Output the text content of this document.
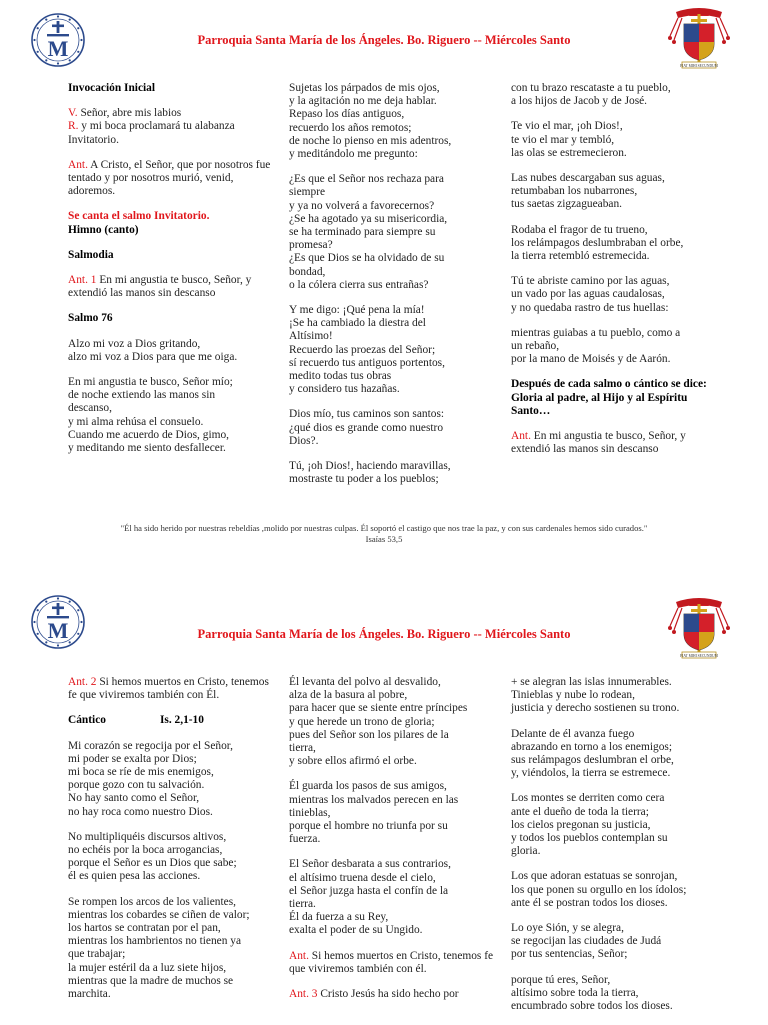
M	Parroquia Santa María de los Ángeles. Bo. Riguero -- Miércoles Santo
FIAT MIHI SECUNDUM

Invocación Inicial

V. Señor, abre mis labios
R. y mi boca proclamará tu alabanza
Invitatorio.

Ant. A Cristo, el Señor, que por nosotros fue tentado y por nosotros murió, venid, adoremos.

Se canta el salmo Invitatorio.
Himno (canto)

Salmodia

Ant. 1 En mi angustia te busco, Señor, y extendió las manos sin descanso

Salmo 76

Alzo mi voz a Dios gritando,
alzo mi voz a Dios para que me oiga.

En mi angustia te busco, Señor mío;
de noche extiendo las manos sin
descanso,
y mi alma rehúsa el consuelo.
Cuando me acuerdo de Dios, gimo,
y meditando me siento desfallecer.

Sujetas los párpados de mis ojos,
y la agitación no me deja hablar.
Repaso los días antiguos,
recuerdo los años remotos;
de noche lo pienso en mis adentros,
y meditándolo me pregunto:

¿Es que el Señor nos rechaza para
siempre
y ya no volverá a favorecernos?
¿Se ha agotado ya su misericordia,
se ha terminado para siempre su
promesa?
¿Es que Dios se ha olvidado de su
bondad,
o la cólera cierra sus entrañas?

Y me digo: ¡Qué pena la mía!
¡Se ha cambiado la diestra del
Altísimo!
Recuerdo las proezas del Señor;
sí recuerdo tus antiguos portentos,
medito todas tus obras
y considero tus hazañas.

Dios mío, tus caminos son santos:
¿qué dios es grande como nuestro
Dios?.

Tú, ¡oh Dios!, haciendo maravillas,
mostraste tu poder a los pueblos;

con tu brazo rescataste a tu pueblo,
a los hijos de Jacob y de José.

Te vio el mar, ¡oh Dios!,
te vio el mar y tembló,
las olas se estremecieron.

Las nubes descargaban sus aguas,
retumbaban los nubarrones,
tus saetas zigzagueaban.

Rodaba el fragor de tu trueno,
los relámpagos deslumbraban el orbe,
la tierra retembló estremecida.

Tú te abriste camino por las aguas,
un vado por las aguas caudalosas,
y no quedaba rastro de tus huellas:

mientras guiabas a tu pueblo, como a
un rebaño,
por la mano de Moisés y de Aarón.

Después de cada salmo o cántico se dice: Gloria al padre, al Hijo y al Espíritu Santo…

Ant. En mi angustia te busco, Señor, y extendió las manos sin descanso

"Él ha sido herido por nuestras rebeldías ,molido por nuestras culpas. Él soportó el castigo que nos trae la paz, y con sus cardenales hemos sido curados."
Isaías 53,5
M	Parroquia Santa María de los Ángeles. Bo. Riguero -- Miércoles Santo
FIAT MIHI SECUNDUM

Ant. 2 Si hemos muertos en Cristo, tenemos fe que viviremos también con Él.

Cántico	Is. 2,1-10

Mi corazón se regocija por el Señor,
mi poder se exalta por Dios;
mi boca se ríe de mis enemigos,
porque gozo con tu salvación.
No hay santo como el Señor,
no hay roca como nuestro Dios.

No multipliquéis discursos altivos,
no echéis por la boca arrogancias,
porque el Señor es un Dios que sabe;
él es quien pesa las acciones.

Se rompen los arcos de los valientes,
mientras los cobardes se ciñen de valor;
los hartos se contratan por el pan,
mientras los hambrientos no tienen ya
que trabajar;
la mujer estéril da a luz siete hijos,
mientras que la madre de muchos se
marchita.

Él levanta del polvo al desvalido,
alza de la basura al pobre,
para hacer que se siente entre príncipes
y que herede un trono de gloria;
pues del Señor son los pilares de la
tierra,
y sobre ellos afirmó el orbe.

Él guarda los pasos de sus amigos,
mientras los malvados perecen en las
tinieblas,
porque el hombre no triunfa por su
fuerza.

El Señor desbarata a sus contrarios,
el altísimo truena desde el cielo,
el Señor juzga hasta el confín de la
tierra.
Él da fuerza a su Rey,
exalta el poder de su Ungido.

Ant. Si hemos muertos en Cristo, tenemos fe que viviremos también con él.

Ant. 3 Cristo Jesús ha sido hecho por

+ se alegran las islas innumerables.
Tinieblas y nube lo rodean,
justicia y derecho sostienen su trono.

Delante de él avanza fuego
abrazando en torno a los enemigos;
sus relámpagos deslumbran el orbe,
y, viéndolos, la tierra se estremece.

Los montes se derriten como cera
ante el dueño de toda la tierra;
los cielos pregonan su justicia,
y todos los pueblos contemplan su
gloria.

Los que adoran estatuas se sonrojan,
los que ponen su orgullo en los ídolos;
ante él se postran todos los dioses.

Lo oye Sión, y se alegra,
se regocijan las ciudades de Judá
por tus sentencias, Señor;

porque tú eres, Señor,
altísimo sobre toda la tierra,
encumbrado sobre todos los dioses.
